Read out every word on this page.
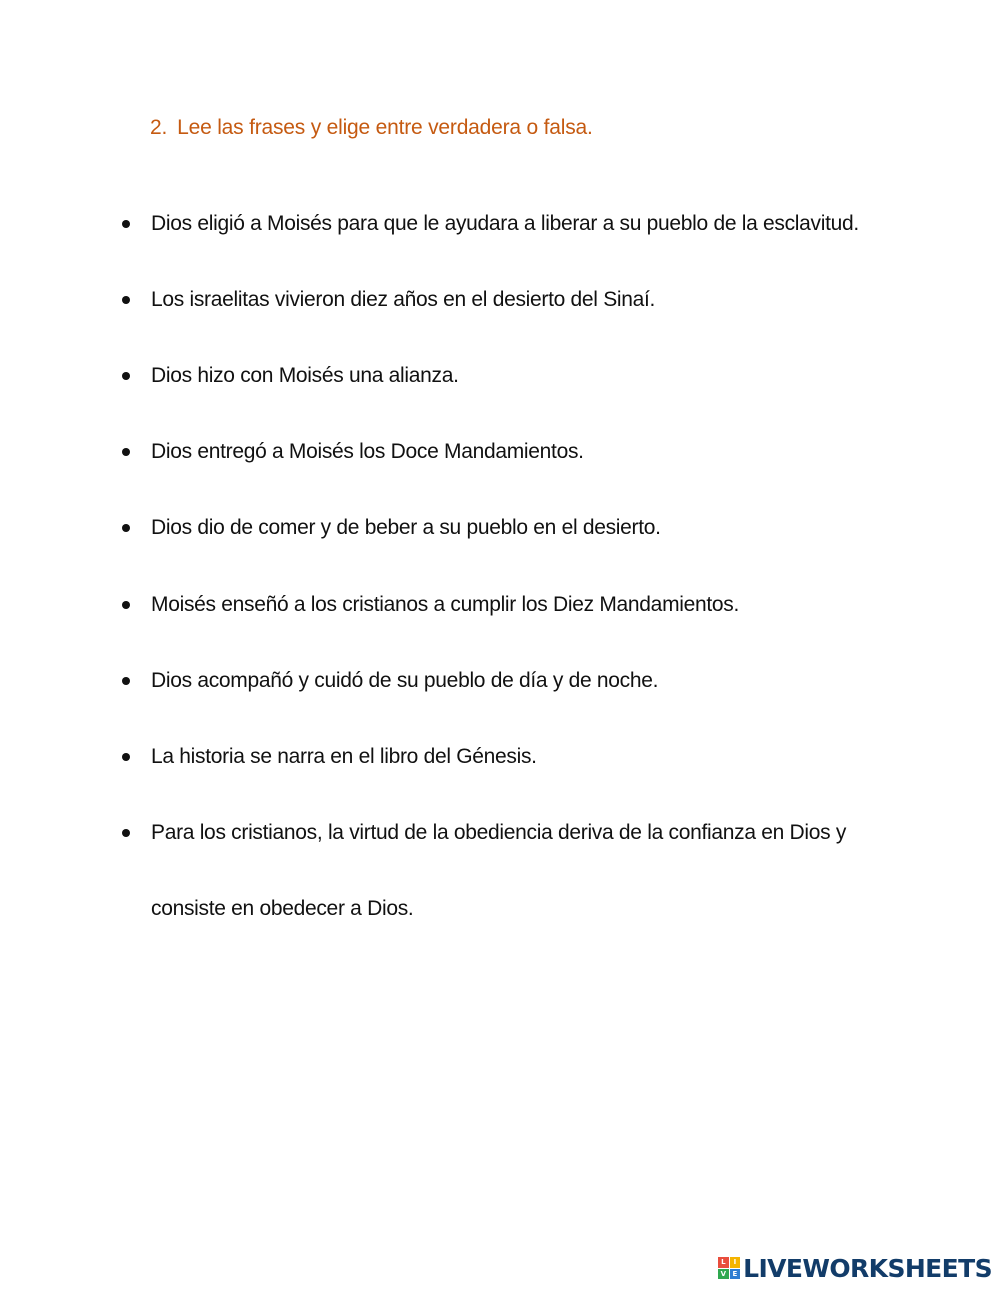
2. Lee las frases y elige entre verdadera o falsa.
Dios eligió a Moisés para que le ayudara a liberar a su pueblo de la esclavitud.
Los israelitas vivieron diez años en el desierto del Sinaí.
Dios hizo con Moisés una alianza.
Dios entregó a Moisés los Doce Mandamientos.
Dios dio de comer y de beber a su pueblo en el desierto.
Moisés enseñó a los cristianos a cumplir los Diez Mandamientos.
Dios acompañó y cuidó de su pueblo de día y de noche.
La historia se narra en el libro del Génesis.
Para los cristianos, la virtud de la obediencia deriva de la confianza en Dios y
consiste en obedecer a Dios.
L	I
V E LIVEWORKSHEETS
